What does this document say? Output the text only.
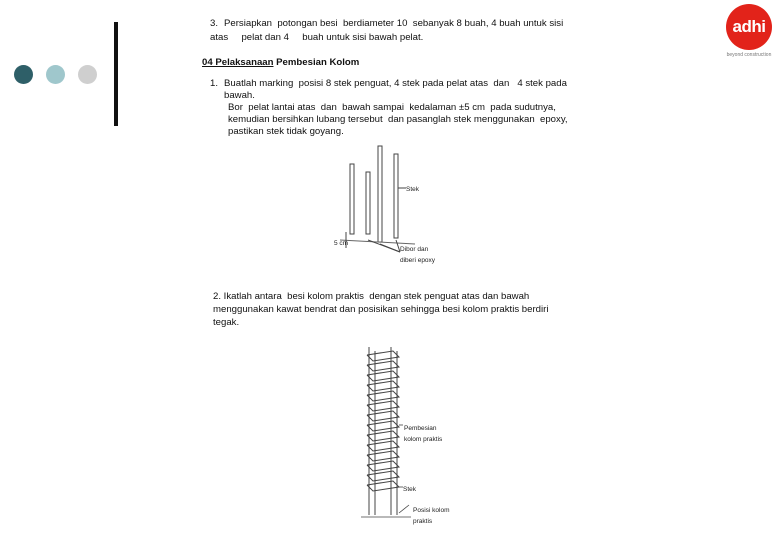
adhi
beyond construction
3. Persiapkan  potongan besi  berdiameter 10  sebanyak 8 buah, 4 buah untuk sisi
atas     pelat dan 4     buah untuk sisi bawah pelat.
04 Pelaksanaan Pembesian Kolom
1. Buatlah marking  posisi 8 stek penguat, 4 stek pada pelat atas  dan   4 stek pada
bawah.
Bor  pelat lantai atas  dan  bawah sampai  kedalaman ±5 cm  pada sudutnya,
kemudian bersihkan lubang tersebut  dan pasanglah stek menggunakan  epoxy,
pastikan stek tidak goyang.
Stek
5 cm
Dibor dan
diberi epoxy
2. Ikatlah antara  besi kolom praktis  dengan stek penguat atas dan bawah
menggunakan kawat bendrat dan posisikan sehingga besi kolom praktis berdiri
tegak.
Pembesian
kolom praktis
Stek
Posisi kolom
praktis
